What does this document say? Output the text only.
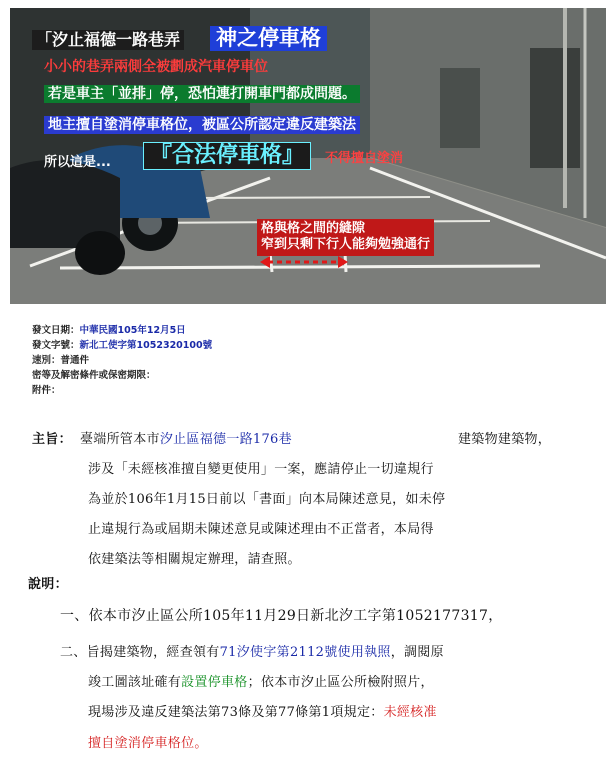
「汐止福德一路巷弄 神之停車格
小小的巷弄兩側全被劃成汽車停車位
若是車主「並排」停，恐怕連打開車門都成問題。
地主擅自塗消停車格位，被區公所認定違反建築法
所以這是...	『合法停車格』	不得擅自塗消
格與格之間的縫隙
窄到只剩下行人能夠勉強通行
發文日期：中華民國105年12月5日
發文字號：新北工使字第1052320100號
速別：普通件
密等及解密條件或保密期限：
附件：
主旨： 臺端所管本市汐止區福德一路176巷	建築物建築物，
涉及「未經核准擅自變更使用」一案，應請停止一切違規行
為並於106年1月15日前以「書面」向本局陳述意見，如未停
止違規行為或屆期未陳述意見或陳述理由不正當者，本局得
依建築法等相關規定辦理，請查照。
說明：
一、依本市汐止區公所105年11月29日新北汐工字第1052177317，
二、旨揭建築物，經查領有71汐使字第2112號使用執照，調閱原
竣工圖該址確有設置停車格；依本市汐止區公所檢附照片，
現場涉及違反建築法第73條及第77條第1項規定：未經核准
擅自塗消停車格位。
